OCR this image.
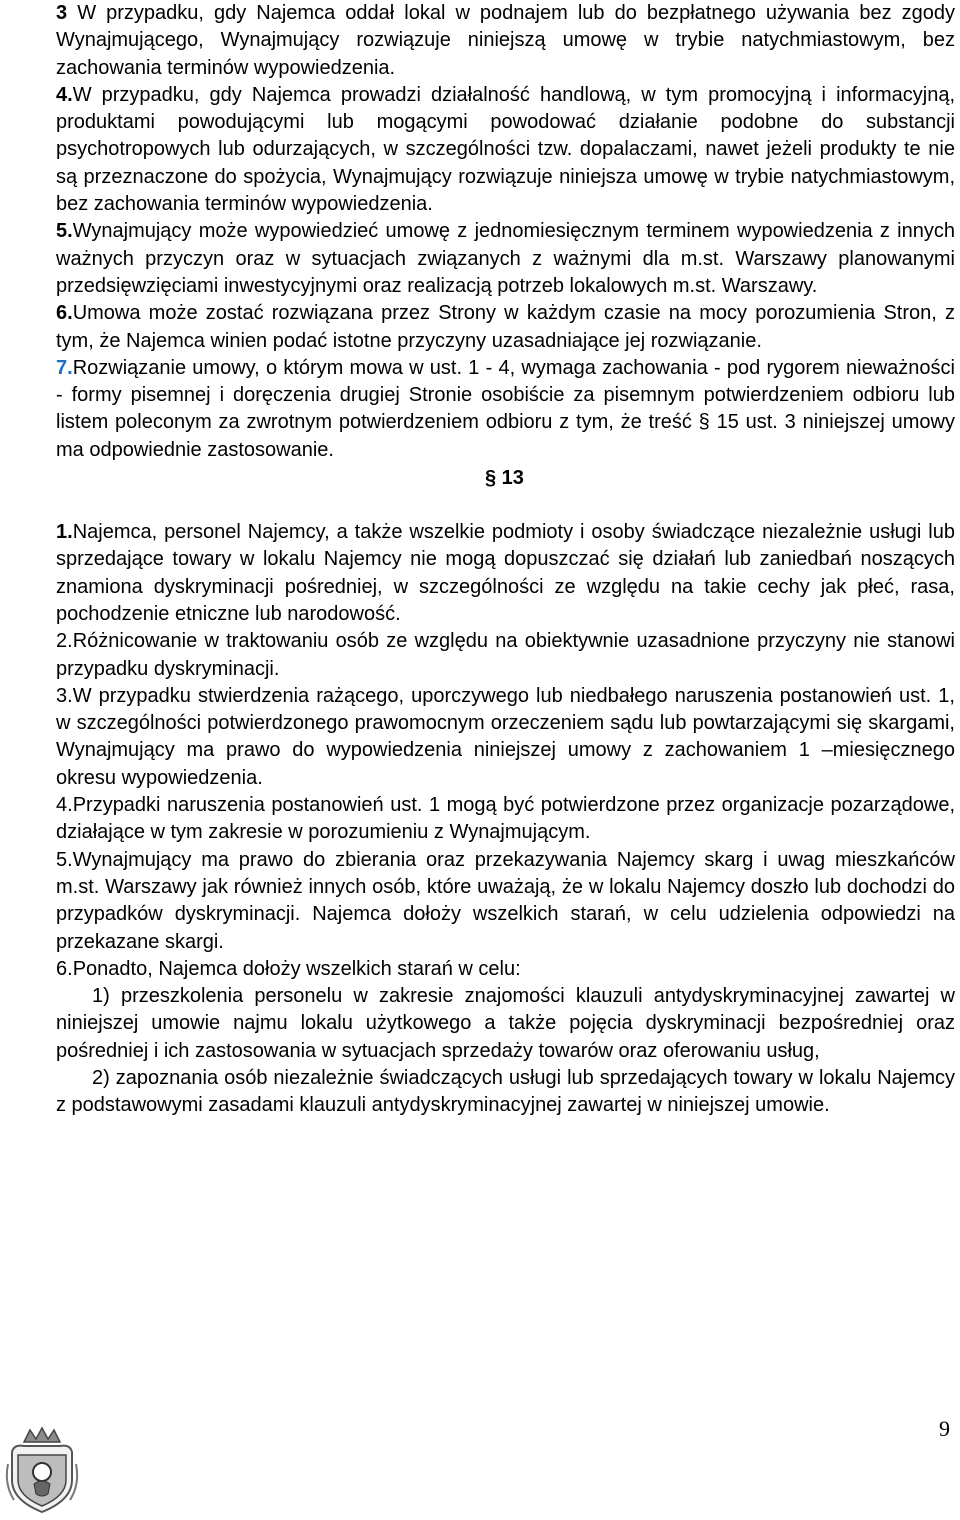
3 W przypadku, gdy Najemca oddał lokal w podnajem lub do bezpłatnego używania bez zgody Wynajmującego, Wynajmujący rozwiązuje niniejszą umowę w trybie natychmiastowym, bez zachowania terminów wypowiedzenia.

4.W przypadku, gdy Najemca prowadzi działalność handlową, w tym promocyjną i informacyjną, produktami powodującymi lub mogącymi powodować działanie podobne do substancji psychotropowych lub odurzających, w szczególności tzw. dopalaczami, nawet jeżeli produkty te nie są przeznaczone do spożycia, Wynajmujący rozwiązuje niniejsza umowę w trybie natychmiastowym, bez zachowania terminów wypowiedzenia.

5.Wynajmujący może wypowiedzieć umowę z jednomiesięcznym terminem wypowiedzenia z innych ważnych przyczyn oraz w sytuacjach związanych z ważnymi dla m.st. Warszawy planowanymi przedsięwzięciami inwestycyjnymi oraz realizacją potrzeb lokalowych m.st. Warszawy.

6.Umowa może zostać rozwiązana przez Strony w każdym czasie na mocy porozumienia Stron, z tym, że Najemca winien podać istotne przyczyny uzasadniające jej rozwiązanie.

7.Rozwiązanie umowy, o którym mowa w ust. 1 - 4, wymaga zachowania - pod rygorem nieważności - formy pisemnej i doręczenia drugiej Stronie osobiście za pisemnym potwierdzeniem odbioru lub listem poleconym za zwrotnym potwierdzeniem odbioru z tym, że treść § 15 ust. 3 niniejszej umowy ma odpowiednie zastosowanie.

§ 13

1.Najemca, personel Najemcy, a także wszelkie podmioty i osoby świadczące niezależnie usługi lub sprzedające towary w lokalu Najemcy nie mogą dopuszczać się działań lub zaniedbań noszących znamiona dyskryminacji pośredniej, w szczególności ze względu na takie cechy jak płeć, rasa, pochodzenie etniczne lub narodowość.

2.Różnicowanie w traktowaniu osób ze względu na obiektywnie uzasadnione przyczyny nie stanowi przypadku dyskryminacji.

3.W przypadku stwierdzenia rażącego, uporczywego lub niedbałego naruszenia postanowień ust. 1, w szczególności potwierdzonego prawomocnym orzeczeniem sądu lub powtarzającymi się skargami, Wynajmujący ma prawo do wypowiedzenia niniejszej umowy z zachowaniem 1 –miesięcznego okresu wypowiedzenia.

4.Przypadki naruszenia postanowień ust. 1 mogą być potwierdzone przez organizacje pozarządowe, działające w tym zakresie w porozumieniu z Wynajmującym.

5.Wynajmujący ma prawo do zbierania oraz przekazywania Najemcy skarg i uwag mieszkańców m.st. Warszawy jak również innych osób, które uważają, że w lokalu Najemcy doszło lub dochodzi do przypadków dyskryminacji. Najemca dołoży wszelkich starań, w celu udzielenia odpowiedzi na przekazane skargi.

6.Ponadto, Najemca dołoży wszelkich starań w celu:

1) przeszkolenia personelu w zakresie znajomości klauzuli antydyskryminacyjnej zawartej w niniejszej umowie najmu lokalu użytkowego a także pojęcia dyskryminacji bezpośredniej oraz pośredniej i ich zastosowania w sytuacjach sprzedaży towarów oraz oferowaniu usług,

2) zapoznania osób niezależnie świadczących usługi lub sprzedających towary w lokalu Najemcy z podstawowymi zasadami klauzuli antydyskryminacyjnej zawartej w niniejszej umowie.

9
